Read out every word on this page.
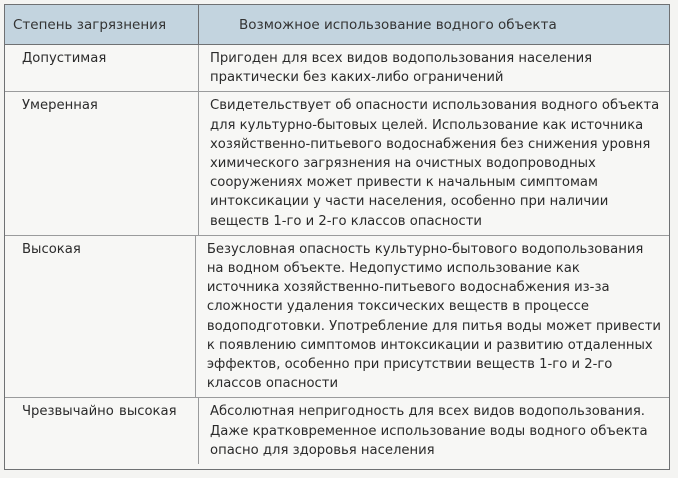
Степень загрязнения	Возможное использование водного объекта
Допустимая	Пригоден для всех видов водопользования населения
практически без каких-либо ограничений
Умеренная	Свидетельствует об опасности использования водного объекта
для культурно-бытовых целей. Использование как источника
хозяйственно-питьевого водоснабжения без снижения уровня
химического загрязнения на очистных водопроводных
сооружениях может привести к начальным симптомам
интоксикации у части населения, особенно при наличии
веществ 1-го и 2-го классов опасности
Высокая	Безусловная опасность культурно-бытового водопользования
на водном объекте. Недопустимо использование как
источника хозяйственно-питьевого водоснабжения из-за
сложности удаления токсических веществ в процессе
водоподготовки. Употребление для питья воды может привести
к появлению симптомов интоксикации и развитию отдаленных
эффектов, особенно при присутствии веществ 1-го и 2-го
классов опасности
Чрезвычайно высокая	Абсолютная непригодность для всех видов водопользования.
Даже кратковременное использование воды водного объекта
опасно для здоровья населения
